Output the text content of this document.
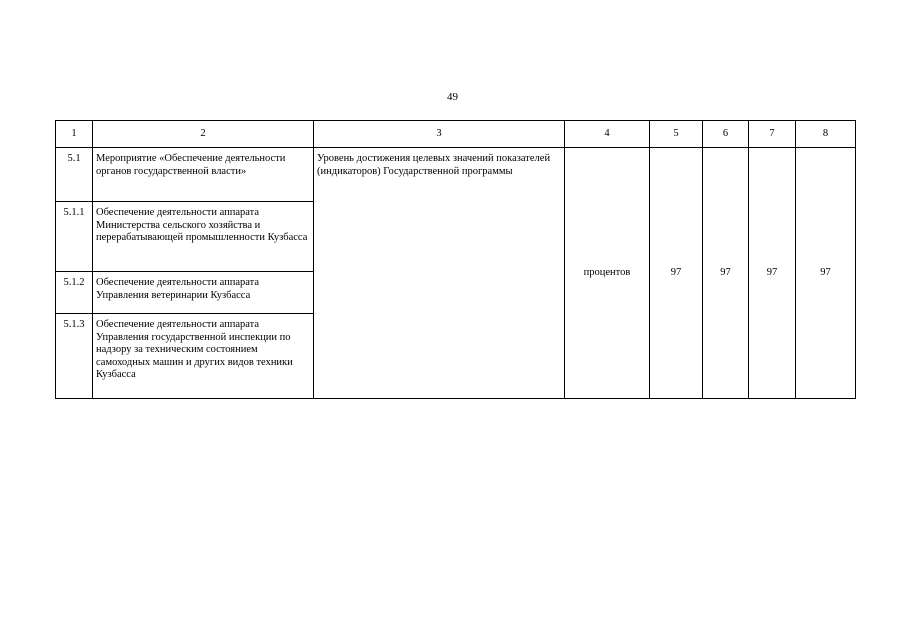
49
1	2	3	4	5	6	7	8
5.1	Мероприятие «Обеспечение деятельности органов государственной власти»	Уровень достижения целевых значений показателей (индикаторов) Государственной программы	процентов	97	97	97	97
5.1.1	Обеспечение деятельности аппарата Министерства сельского хозяйства и перерабатывающей промышленности Кузбасса						
5.1.2	Обеспечение деятельности аппарата Управления ветеринарии Кузбасса						
5.1.3	Обеспечение деятельности аппарата Управления государственной инспекции по надзору за техническим состоянием самоходных машин и других видов техники Кузбасса						
